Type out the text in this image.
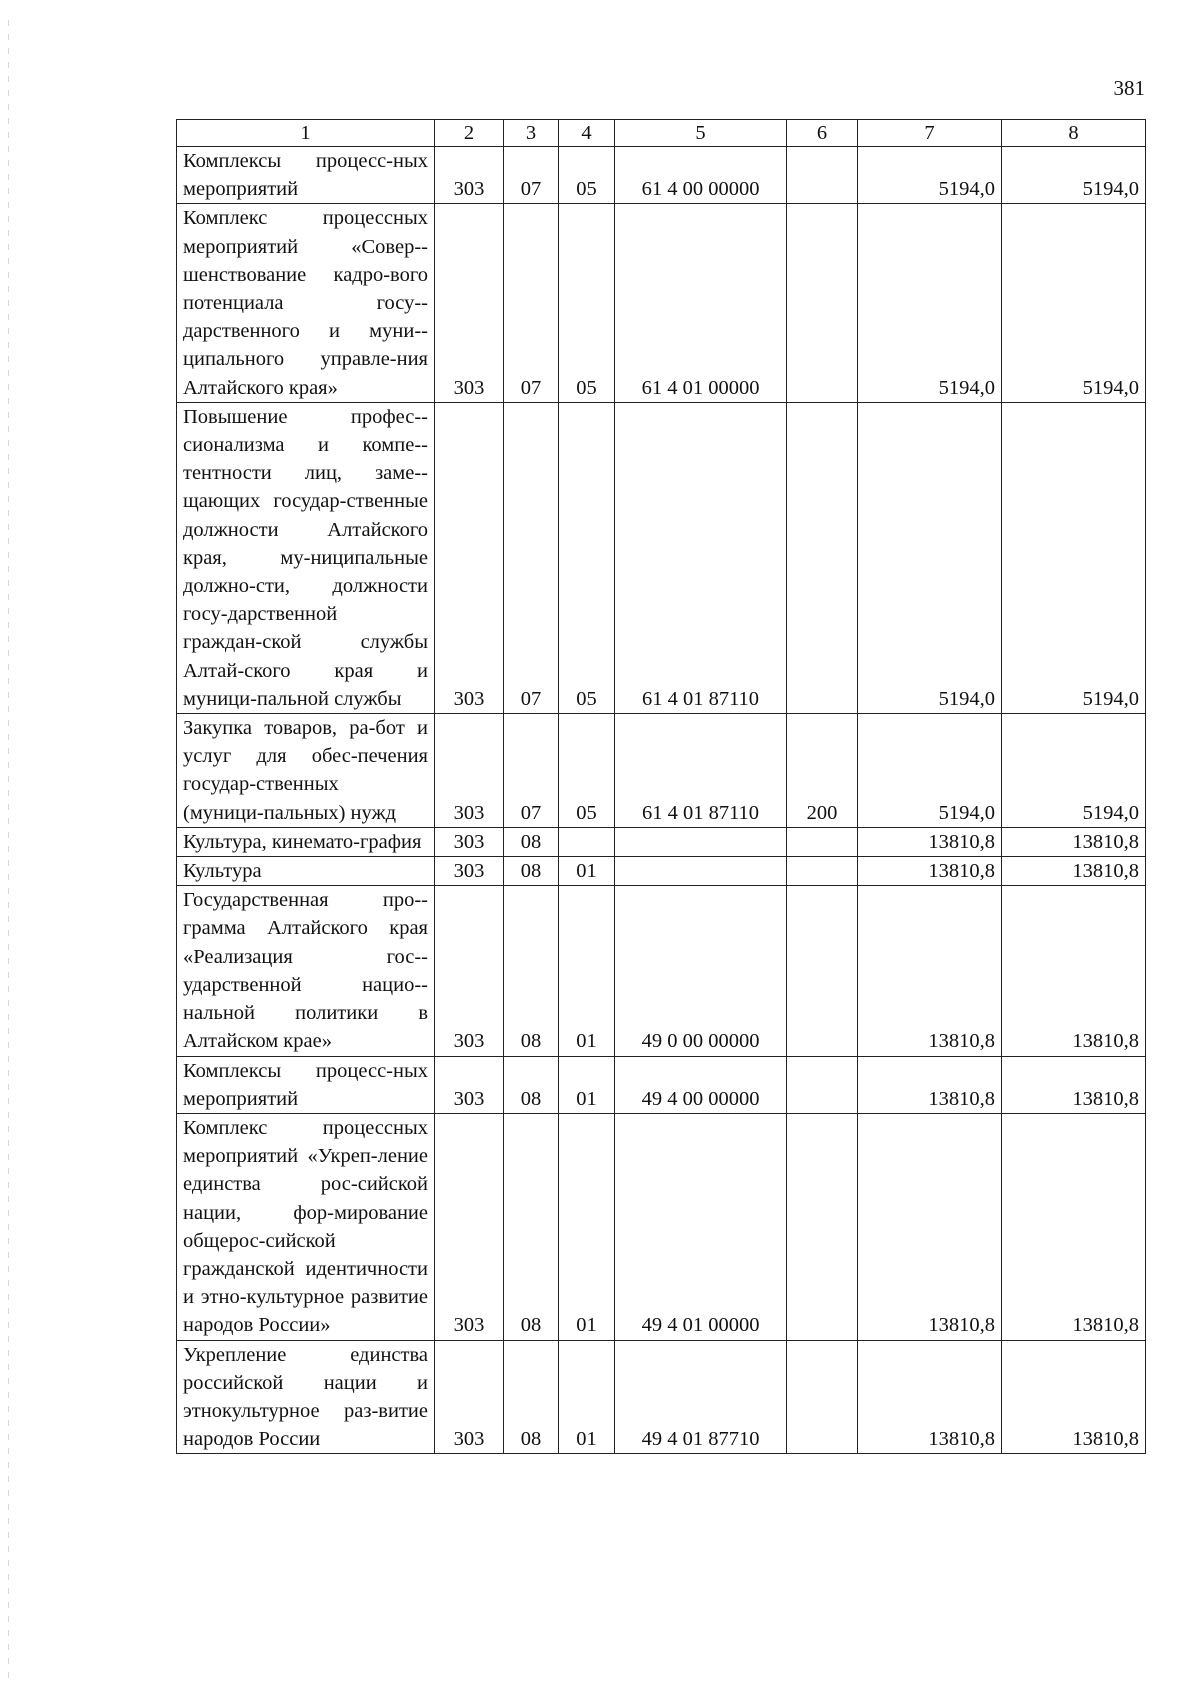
381
1	2	3	4	5	6	7	8
Комплексы процесс-ных мероприятий	303	07	05	61 4 00 00000		5194,0	5194,0
Комплекс процессных мероприятий «Совер-шенствование кадро-вого потенциала госу-дарственного и муни-ципального управле-ния Алтайского края»	303	07	05	61 4 01 00000		5194,0	5194,0
Повышение профес-сионализма и компе-тентности лиц, заме-щающих государ-ственные должности Алтайского края, му-ниципальные должно-сти, должности госу-дарственной граждан-ской службы Алтай-ского края и муници-пальной службы	303	07	05	61 4 01 87110		5194,0	5194,0
Закупка товаров, ра-бот и услуг для обес-печения государ-ственных (муници-пальных) нужд	303	07	05	61 4 01 87110	200	5194,0	5194,0
Культура, кинемато-графия	303	08				13810,8	13810,8
Культура	303	08	01			13810,8	13810,8
Государственная про-грамма Алтайского края «Реализация гос-ударственной нацио-нальной политики в Алтайском крае»	303	08	01	49 0 00 00000		13810,8	13810,8
Комплексы процесс-ных мероприятий	303	08	01	49 4 00 00000		13810,8	13810,8
Комплекс процессных мероприятий «Укреп-ление единства рос-сийской нации, фор-мирование общерос-сийской гражданской идентичности и этно-культурное развитие народов России»	303	08	01	49 4 01 00000		13810,8	13810,8
Укрепление единства российской нации и этнокультурное раз-витие народов России	303	08	01	49 4 01 87710		13810,8	13810,8
